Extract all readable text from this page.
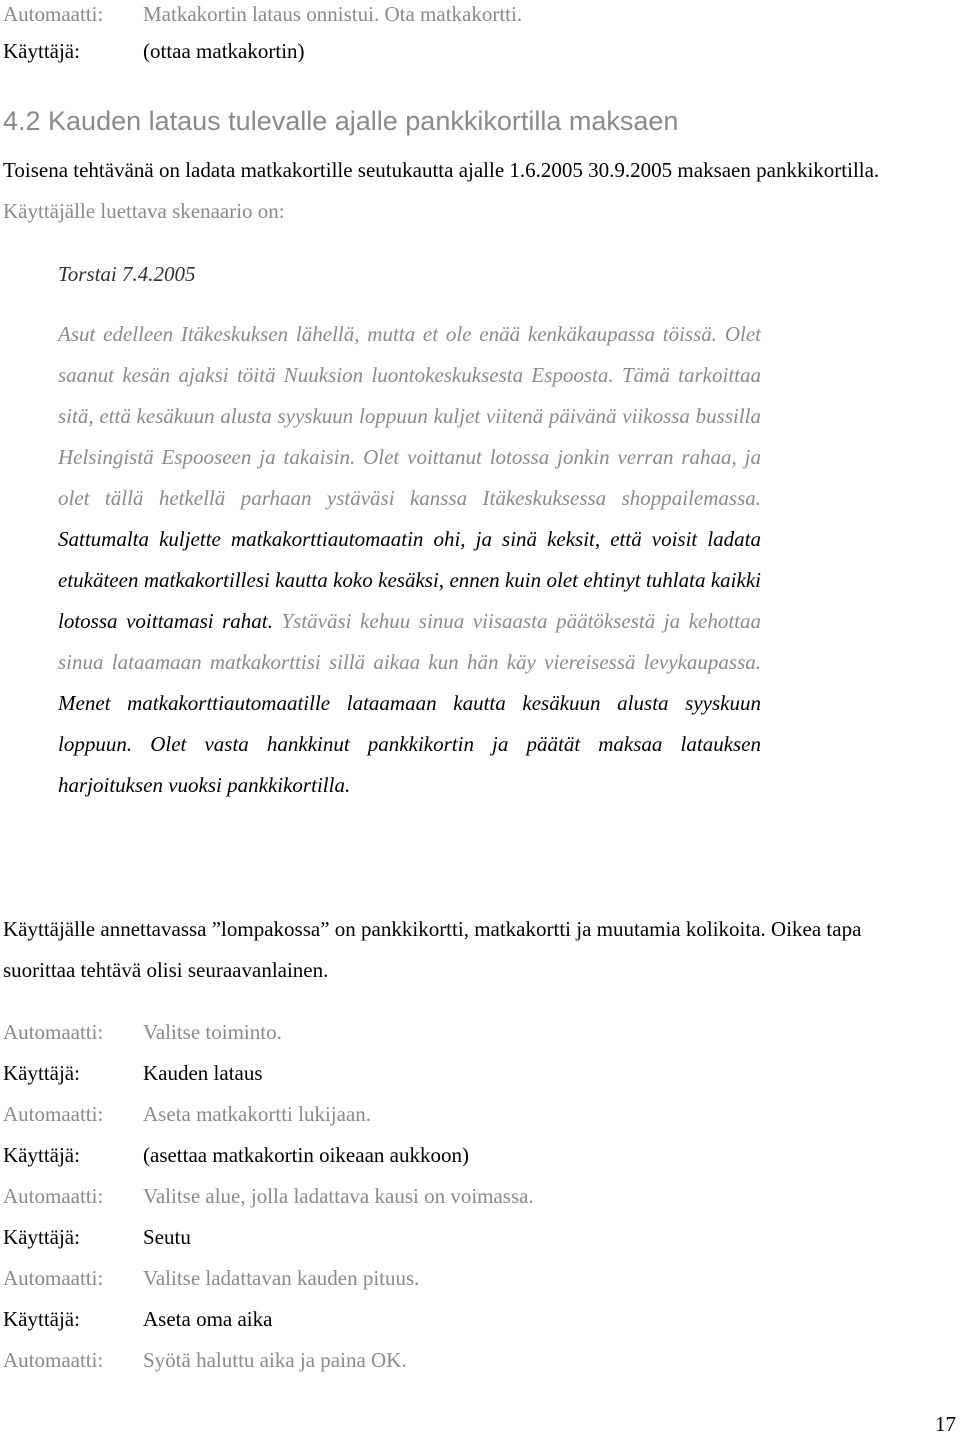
Automaatti: Matkakortin lataus onnistui. Ota matkakortti.
Käyttäjä:	(ottaa matkakortin)
4.2 Kauden lataus tulevalle ajalle pankkikortilla maksaen

Toisena tehtävänä on ladata matkakortille seutukautta ajalle 1.6.2005 30.9.2005 maksaen pankkikortilla. Käyttäjälle luettava skenaario on:

Torstai 7.4.2005

Asut edelleen Itäkeskuksen lähellä, mutta et ole enää kenkäkaupassa töissä. Olet saanut kesän ajaksi töitä Nuuksion luontokeskuksesta Espoosta. Tämä tarkoittaa sitä, että kesäkuun alusta syyskuun loppuun kuljet viitenä päivänä viikossa bussilla Helsingistä Espooseen ja takaisin. Olet voittanut lotossa jonkin verran rahaa, ja olet tällä hetkellä parhaan ystäväsi kanssa Itäkeskuksessa shoppailemassa. Sattumalta kuljette matkakorttiautomaatin ohi, ja sinä keksit, että voisit ladata etukäteen matkakortillesi kautta koko kesäksi, ennen kuin olet ehtinyt tuhlata kaikki lotossa voittamasi rahat. Ystäväsi kehuu sinua viisaasta päätöksestä ja kehottaa sinua lataamaan matkakorttisi sillä aikaa kun hän käy viereisessä levykaupassa. Menet matkakorttiautomaatille lataamaan kautta kesäkuun alusta syyskuun loppuun. Olet vasta hankkinut pankkikortin ja päätät maksaa latauksen harjoituksen vuoksi pankkikortilla.

Käyttäjälle annettavassa ”lompakossa” on pankkikortti, matkakortti ja muutamia kolikoita. Oikea tapa suorittaa tehtävä olisi seuraavanlainen.

Automaatti: Valitse toiminto.
Käyttäjä:	Kauden lataus
Automaatti: Aseta matkakortti lukijaan.
Käyttäjä:	(asettaa matkakortin oikeaan aukkoon)
Automaatti: Valitse alue, jolla ladattava kausi on voimassa.
Käyttäjä:	Seutu
Automaatti: Valitse ladattavan kauden pituus.
Käyttäjä:	Aseta oma aika
Automaatti: Syötä haluttu aika ja paina OK.
17
